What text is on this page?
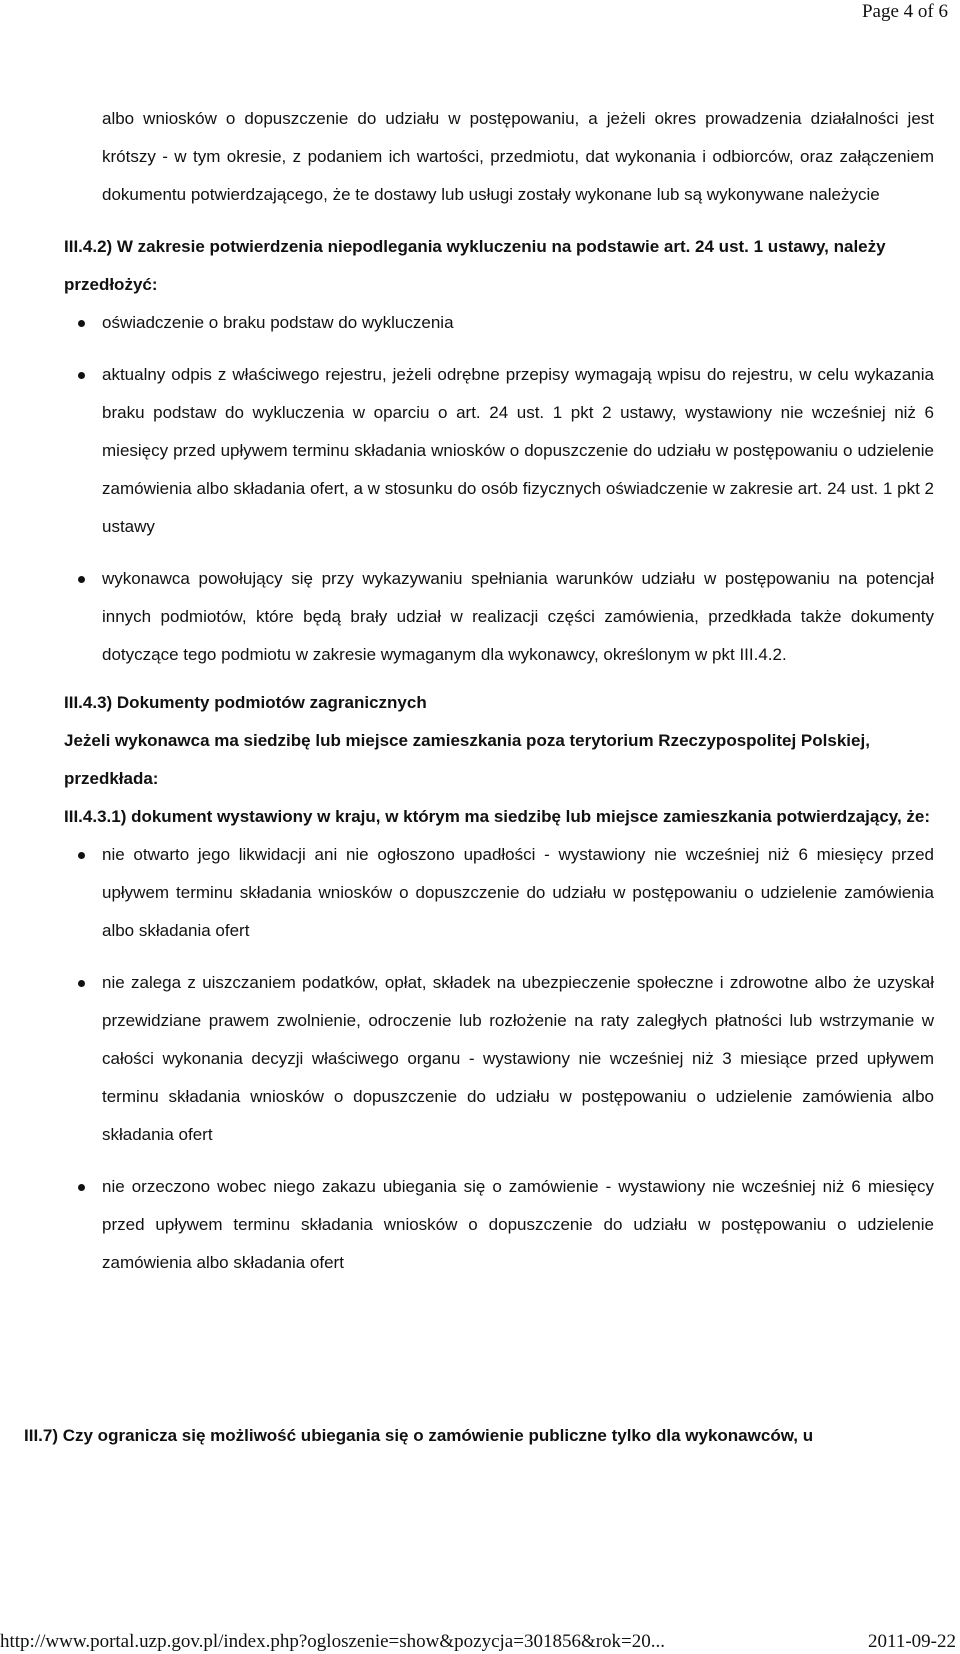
Page 4 of 6
albo wniosków o dopuszczenie do udziału w postępowaniu, a jeżeli okres prowadzenia działalności jest krótszy - w tym okresie, z podaniem ich wartości, przedmiotu, dat wykonania i odbiorców, oraz załączeniem dokumentu potwierdzającego, że te dostawy lub usługi zostały wykonane lub są wykonywane należycie
III.4.2) W zakresie potwierdzenia niepodlegania wykluczeniu na podstawie art. 24 ust. 1 ustawy, należy przedłożyć:
oświadczenie o braku podstaw do wykluczenia
aktualny odpis z właściwego rejestru, jeżeli odrębne przepisy wymagają wpisu do rejestru, w celu wykazania braku podstaw do wykluczenia w oparciu o art. 24 ust. 1 pkt 2 ustawy, wystawiony nie wcześniej niż 6 miesięcy przed upływem terminu składania wniosków o dopuszczenie do udziału w postępowaniu o udzielenie zamówienia albo składania ofert, a w stosunku do osób fizycznych oświadczenie w zakresie art. 24 ust. 1 pkt 2 ustawy
wykonawca powołujący się przy wykazywaniu spełniania warunków udziału w postępowaniu na potencjał innych podmiotów, które będą brały udział w realizacji części zamówienia, przedkłada także dokumenty dotyczące tego podmiotu w zakresie wymaganym dla wykonawcy, określonym w pkt III.4.2.
III.4.3) Dokumenty podmiotów zagranicznych
Jeżeli wykonawca ma siedzibę lub miejsce zamieszkania poza terytorium Rzeczypospolitej Polskiej, przedkłada:
III.4.3.1) dokument wystawiony w kraju, w którym ma siedzibę lub miejsce zamieszkania potwierdzający, że:
nie otwarto jego likwidacji ani nie ogłoszono upadłości - wystawiony nie wcześniej niż 6 miesięcy przed upływem terminu składania wniosków o dopuszczenie do udziału w postępowaniu o udzielenie zamówienia albo składania ofert
nie zalega z uiszczaniem podatków, opłat, składek na ubezpieczenie społeczne i zdrowotne albo że uzyskał przewidziane prawem zwolnienie, odroczenie lub rozłożenie na raty zaległych płatności lub wstrzymanie w całości wykonania decyzji właściwego organu - wystawiony nie wcześniej niż 3 miesiące przed upływem terminu składania wniosków o dopuszczenie do udziału w postępowaniu o udzielenie zamówienia albo składania ofert
nie orzeczono wobec niego zakazu ubiegania się o zamówienie - wystawiony nie wcześniej niż 6 miesięcy przed upływem terminu składania wniosków o dopuszczenie do udziału w postępowaniu o udzielenie zamówienia albo składania ofert
III.7) Czy ogranicza się możliwość ubiegania się o zamówienie publiczne tylko dla wykonawców, u
http://www.portal.uzp.gov.pl/index.php?ogloszenie=show&pozycja=301856&rok=20...	2011-09-22
